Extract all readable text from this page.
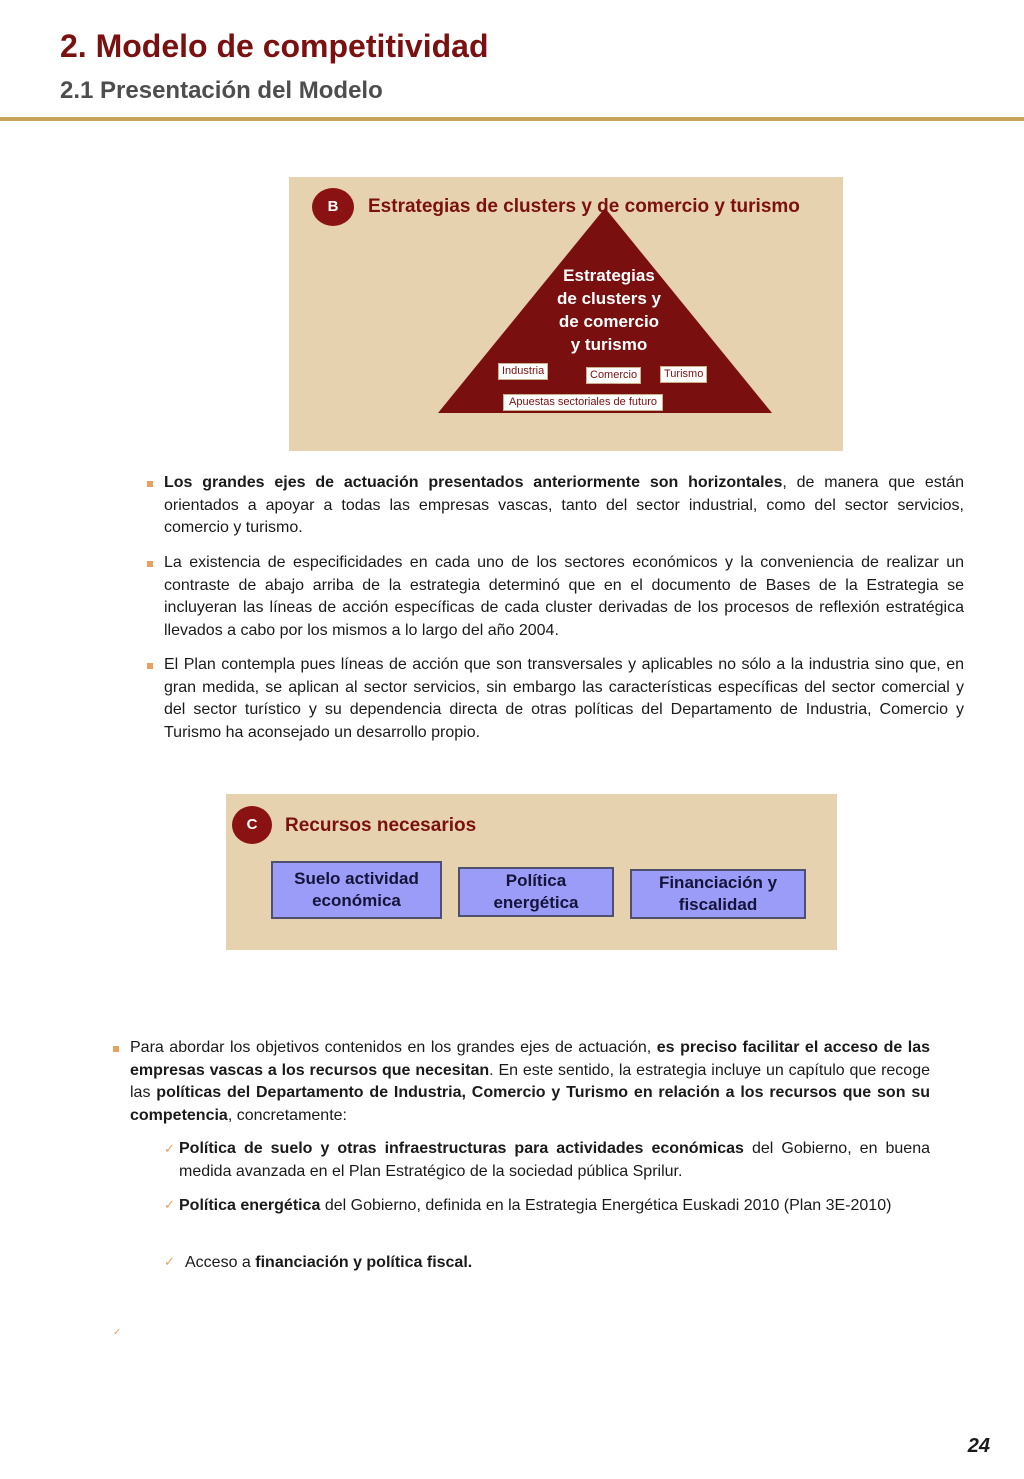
2. Modelo de competitividad
2.1 Presentación del Modelo
B	Estrategias de clusters y de comercio y turismo
Estrategias
de clusters y
de comercio
y turismo
Industria	Comercio	Turismo
Apuestas sectoriales de futuro

Los grandes ejes de actuación presentados anteriormente son horizontales, de manera que están orientados a apoyar a todas las empresas vascas, tanto del sector industrial, como del sector servicios, comercio y turismo.

La existencia de especificidades en cada uno de los sectores económicos y la conveniencia de realizar un contraste de abajo arriba de la estrategia determinó que en el documento de Bases de la Estrategia se incluyeran las líneas de acción específicas de cada cluster derivadas de los procesos de reflexión estratégica llevados a cabo por los mismos a lo largo del año 2004.

El Plan contempla pues líneas de acción que son transversales y aplicables no sólo a la industria sino que, en gran medida, se aplican al sector servicios, sin embargo las características específicas del sector comercial y del sector turístico y su dependencia directa de otras políticas del Departamento de Industria, Comercio y Turismo ha aconsejado un desarrollo propio.

C	Recursos necesarios
Suelo actividad
económica
Política
energética
Financiación y
fiscalidad

Para abordar los objetivos contenidos en los grandes ejes de actuación, es preciso facilitar el acceso de las empresas vascas a los recursos que necesitan. En este sentido, la estrategia incluye un capítulo que recoge las políticas del Departamento de Industria, Comercio y Turismo en relación a los recursos que son su competencia, concretamente:

✓ Política de suelo y otras infraestructuras para actividades económicas del Gobierno, en buena medida avanzada en el Plan Estratégico de la sociedad pública Sprilur.

✓ Política energética del Gobierno, definida en la Estrategia Energética Euskadi 2010 (Plan 3E-2010)

✓ Acceso a financiación y política fiscal.

✓
24
